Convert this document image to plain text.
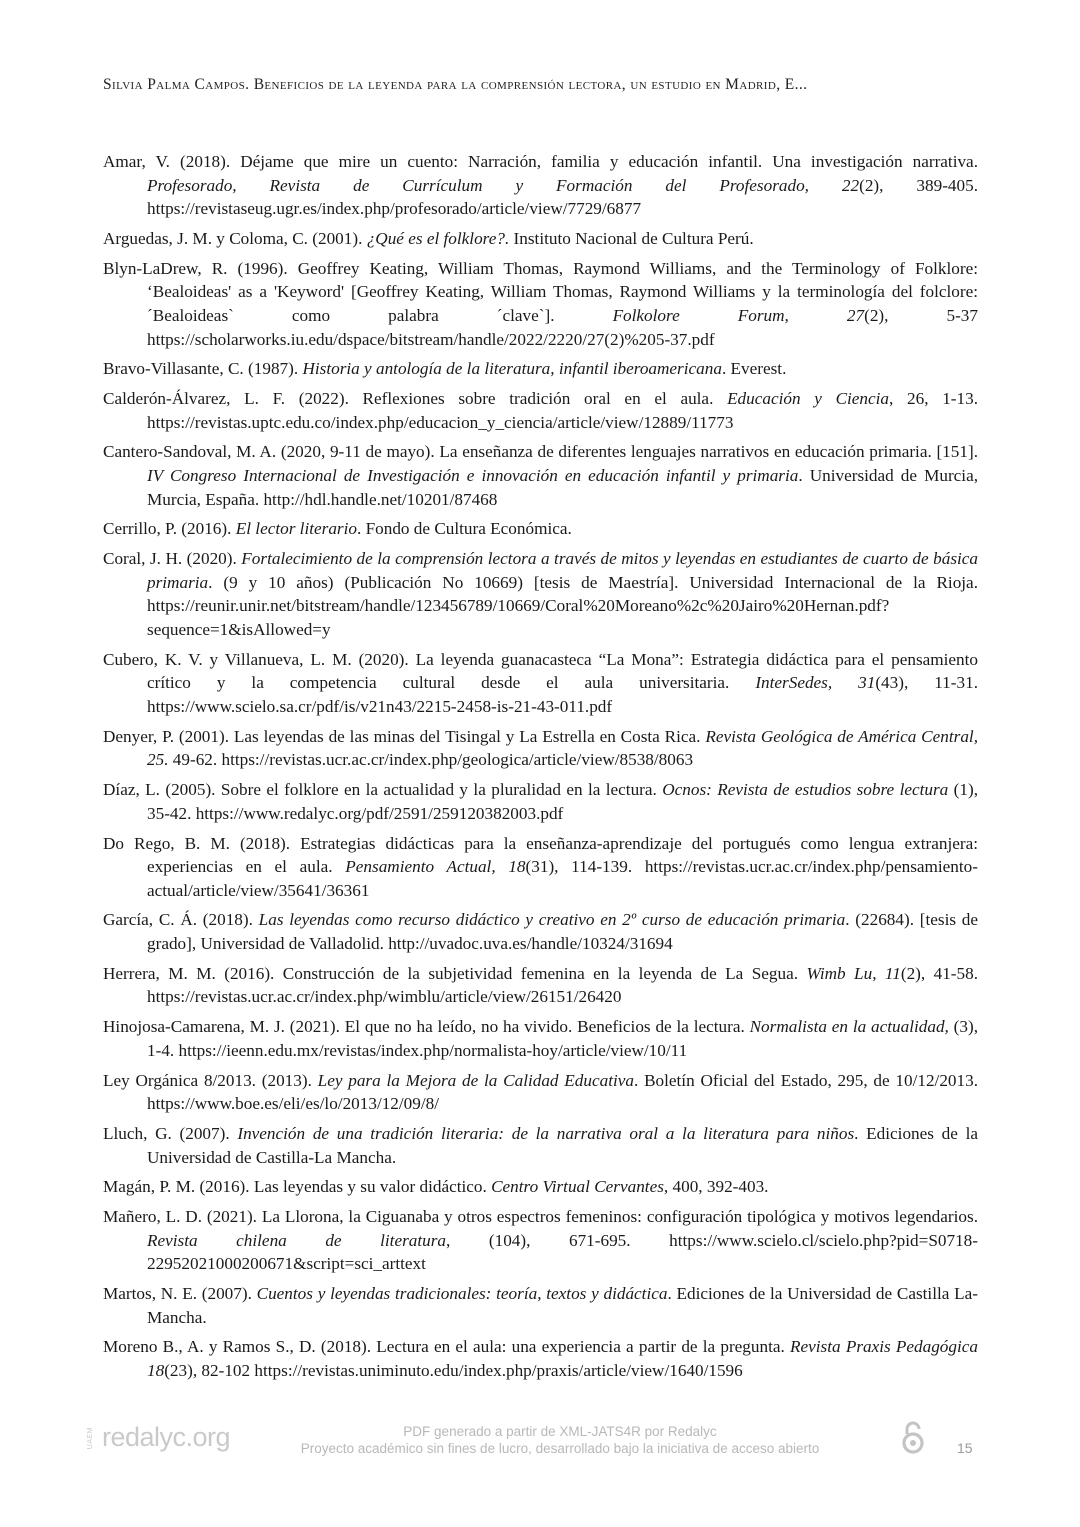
Silvia Palma Campos. Beneficios de la leyenda para la comprensión lectora, un estudio en Madrid, E...

Amar, V. (2018). Déjame que mire un cuento: Narración, familia y educación infantil. Una investigación narrativa. Profesorado, Revista de Currículum y Formación del Profesorado, 22(2), 389-405. https://revistaseug.ugr.es/index.php/profesorado/article/view/7729/6877

Arguedas, J. M. y Coloma, C. (2001). ¿Qué es el folklore?. Instituto Nacional de Cultura Perú.

Blyn-LaDrew, R. (1996). Geoffrey Keating, William Thomas, Raymond Williams, and the Terminology of Folklore: ‘Bealoideas' as a 'Keyword' [Geoffrey Keating, William Thomas, Raymond Williams y la terminología del folclore: ´Bealoideas` como palabra ´clave`]. Folkolore Forum, 27(2), 5-37 https://scholarworks.iu.edu/dspace/bitstream/handle/2022/2220/27(2)%205-37.pdf

Bravo-Villasante, C. (1987). Historia y antología de la literatura, infantil iberoamericana. Everest.

Calderón-Álvarez, L. F. (2022). Reflexiones sobre tradición oral en el aula. Educación y Ciencia, 26, 1-13. https://revistas.uptc.edu.co/index.php/educacion_y_ciencia/article/view/12889/11773

Cantero-Sandoval, M. A. (2020, 9-11 de mayo). La enseñanza de diferentes lenguajes narrativos en educación primaria. [151]. IV Congreso Internacional de Investigación e innovación en educación infantil y primaria. Universidad de Murcia, Murcia, España. http://hdl.handle.net/10201/87468

Cerrillo, P. (2016). El lector literario. Fondo de Cultura Económica.

Coral, J. H. (2020). Fortalecimiento de la comprensión lectora a través de mitos y leyendas en estudiantes de cuarto de básica primaria. (9 y 10 años) (Publicación No 10669) [tesis de Maestría]. Universidad Internacional de la Rioja. https://reunir.unir.net/bitstream/handle/123456789/10669/Coral%20Moreano%2c%20Jairo%20Hernan.pdf?sequence=1&isAllowed=y

Cubero, K. V. y Villanueva, L. M. (2020). La leyenda guanacasteca “La Mona”: Estrategia didáctica para el pensamiento crítico y la competencia cultural desde el aula universitaria. InterSedes, 31(43), 11-31. https://www.scielo.sa.cr/pdf/is/v21n43/2215-2458-is-21-43-011.pdf

Denyer, P. (2001). Las leyendas de las minas del Tisingal y La Estrella en Costa Rica. Revista Geológica de América Central, 25. 49-62. https://revistas.ucr.ac.cr/index.php/geologica/article/view/8538/8063

Díaz, L. (2005). Sobre el folklore en la actualidad y la pluralidad en la lectura. Ocnos: Revista de estudios sobre lectura (1), 35-42. https://www.redalyc.org/pdf/2591/259120382003.pdf

Do Rego, B. M. (2018). Estrategias didácticas para la enseñanza-aprendizaje del portugués como lengua extranjera: experiencias en el aula. Pensamiento Actual, 18(31), 114-139. https://revistas.ucr.ac.cr/index.php/pensamiento-actual/article/view/35641/36361

García, C. Á. (2018). Las leyendas como recurso didáctico y creativo en 2º curso de educación primaria. (22684). [tesis de grado], Universidad de Valladolid. http://uvadoc.uva.es/handle/10324/31694

Herrera, M. M. (2016). Construcción de la subjetividad femenina en la leyenda de La Segua. Wimb Lu, 11(2), 41-58. https://revistas.ucr.ac.cr/index.php/wimblu/article/view/26151/26420

Hinojosa-Camarena, M. J. (2021). El que no ha leído, no ha vivido. Beneficios de la lectura. Normalista en la actualidad, (3), 1-4. https://ieenn.edu.mx/revistas/index.php/normalista-hoy/article/view/10/11

Ley Orgánica 8/2013. (2013). Ley para la Mejora de la Calidad Educativa. Boletín Oficial del Estado, 295, de 10/12/2013. https://www.boe.es/eli/es/lo/2013/12/09/8/

Lluch, G. (2007). Invención de una tradición literaria: de la narrativa oral a la literatura para niños. Ediciones de la Universidad de Castilla-La Mancha.

Magán, P. M. (2016). Las leyendas y su valor didáctico. Centro Virtual Cervantes, 400, 392-403.

Mañero, L. D. (2021). La Llorona, la Ciguanaba y otros espectros femeninos: configuración tipológica y motivos legendarios. Revista chilena de literatura, (104), 671-695. https://www.scielo.cl/scielo.php?pid=S0718-22952021000200671&script=sci_arttext

Martos, N. E. (2007). Cuentos y leyendas tradicionales: teoría, textos y didáctica. Ediciones de la Universidad de Castilla La-Mancha.

Moreno B., A. y Ramos S., D. (2018). Lectura en el aula: una experiencia a partir de la pregunta. Revista Praxis Pedagógica 18(23), 82-102 https://revistas.uniminuto.edu/index.php/praxis/article/view/1640/1596

UAEM redalyc.org	PDF generado a partir de XML-JATS4R por Redalyc
Proyecto académico sin fines de lucro, desarrollado bajo la iniciativa de acceso abierto	15
